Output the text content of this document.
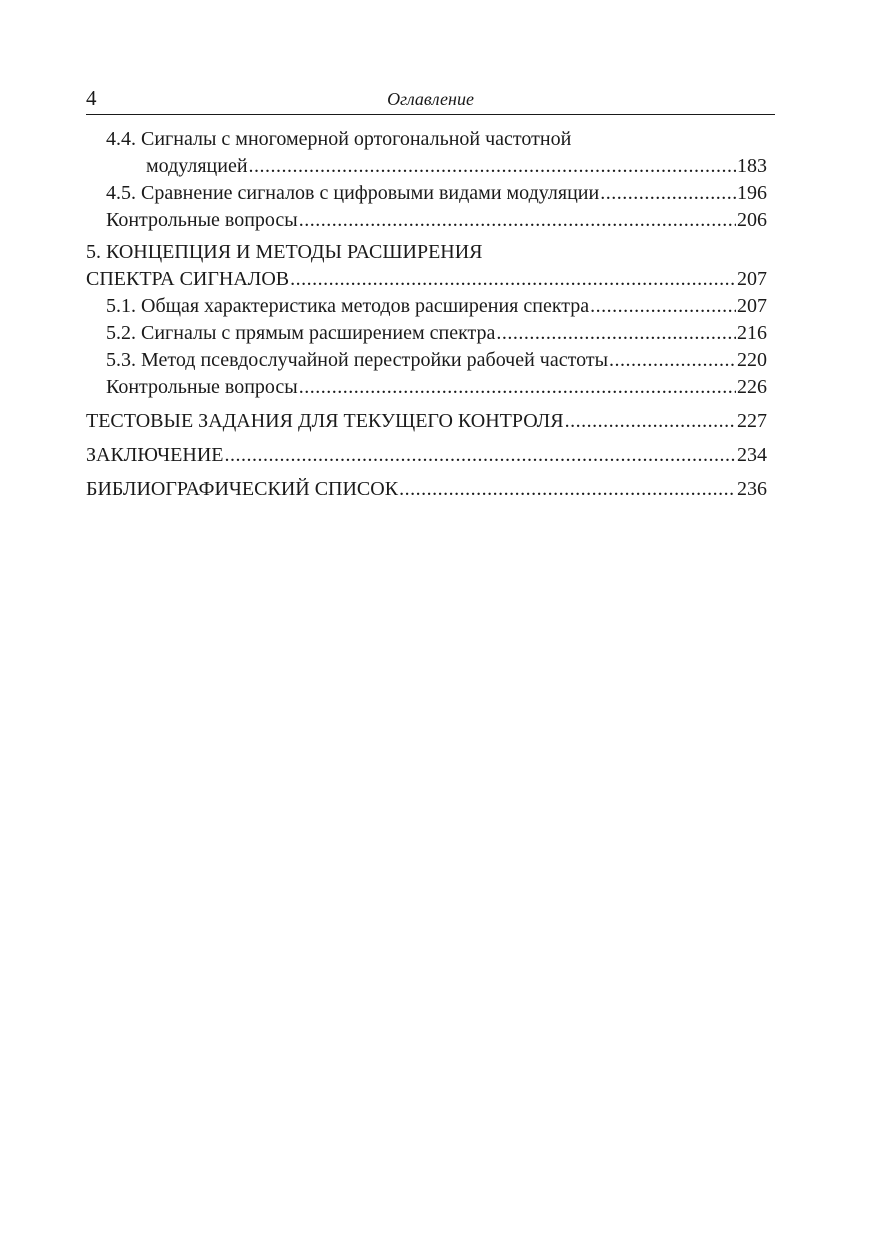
4	Оглавление
4.4. Сигналы с многомерной ортогональной частотной
модуляцией .....	183
4.5. Сравнение сигналов с цифровыми видами модуляции .....	196
Контрольные вопросы .....	206
5. КОНЦЕПЦИЯ И МЕТОДЫ РАСШИРЕНИЯ
СПЕКТРА СИГНАЛОВ .....	207
5.1. Общая характеристика методов расширения спектра .....	207
5.2. Сигналы с прямым расширением спектра .....	216
5.3. Метод псевдослучайной перестройки рабочей частоты .....	220
Контрольные вопросы .....	226
ТЕСТОВЫЕ ЗАДАНИЯ ДЛЯ ТЕКУЩЕГО КОНТРОЛЯ .....	227
ЗАКЛЮЧЕНИЕ .....	234
БИБЛИОГРАФИЧЕСКИЙ СПИСОК .....	236
